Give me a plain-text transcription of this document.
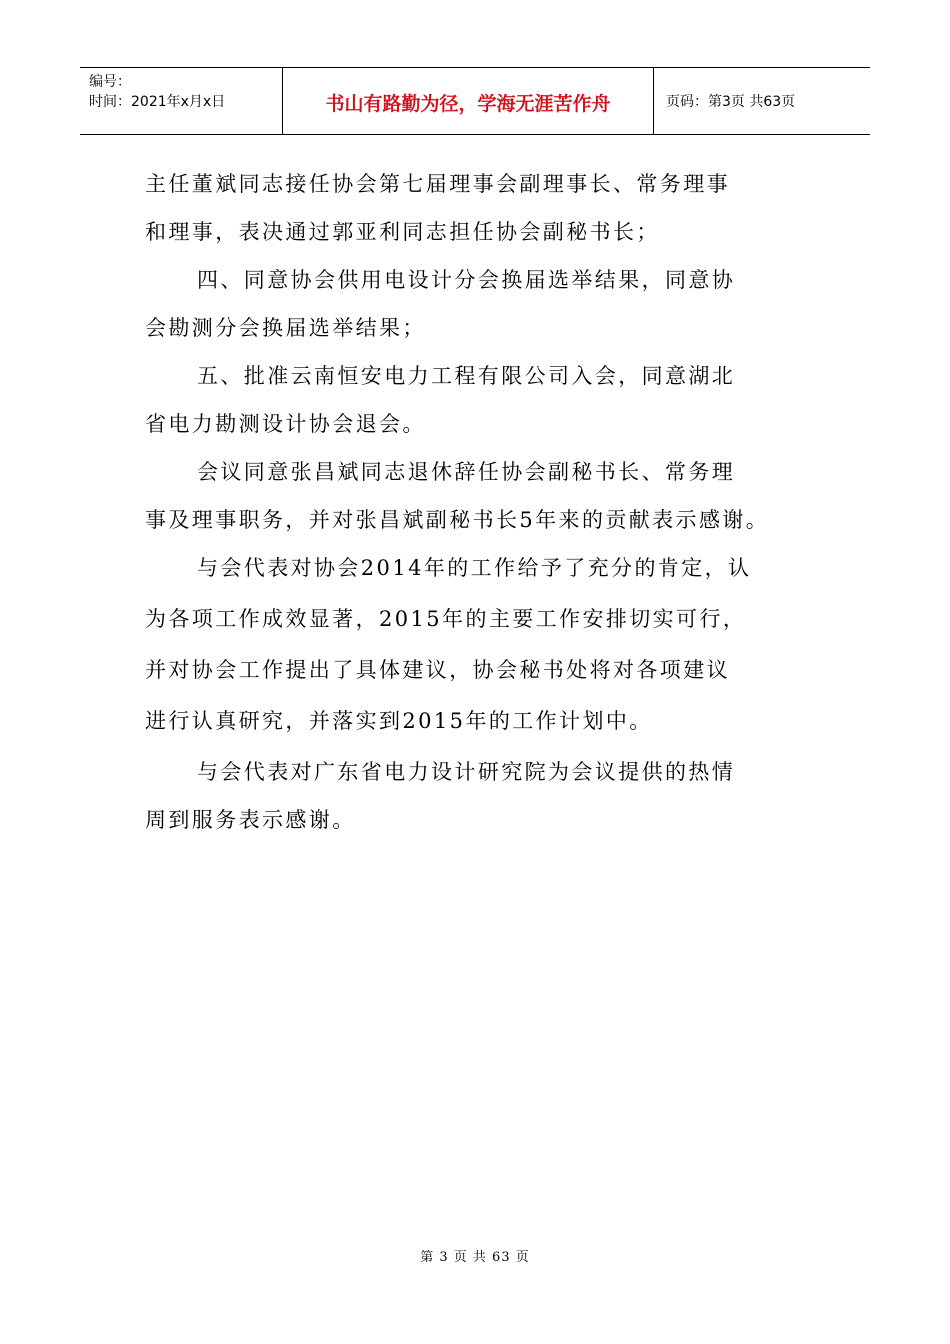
编号：
时间：2021年x月x日	书山有路勤为径，学海无涯苦作舟	页码：第3页 共63页
主任董斌同志接任协会第七届理事会副理事长、常务理事
和理事，表决通过郭亚利同志担任协会副秘书长；
四、同意协会供用电设计分会换届选举结果，同意协
会勘测分会换届选举结果；
五、批准云南恒安电力工程有限公司入会，同意湖北
省电力勘测设计协会退会。
会议同意张昌斌同志退休辞任协会副秘书长、常务理
事及理事职务，并对张昌斌副秘书长5年来的贡献表示感谢。
与会代表对协会2014年的工作给予了充分的肯定，认
为各项工作成效显著，2015年的主要工作安排切实可行，
并对协会工作提出了具体建议，协会秘书处将对各项建议
进行认真研究，并落实到2015年的工作计划中。
与会代表对广东省电力设计研究院为会议提供的热情
周到服务表示感谢。
第 3 页 共 63 页
